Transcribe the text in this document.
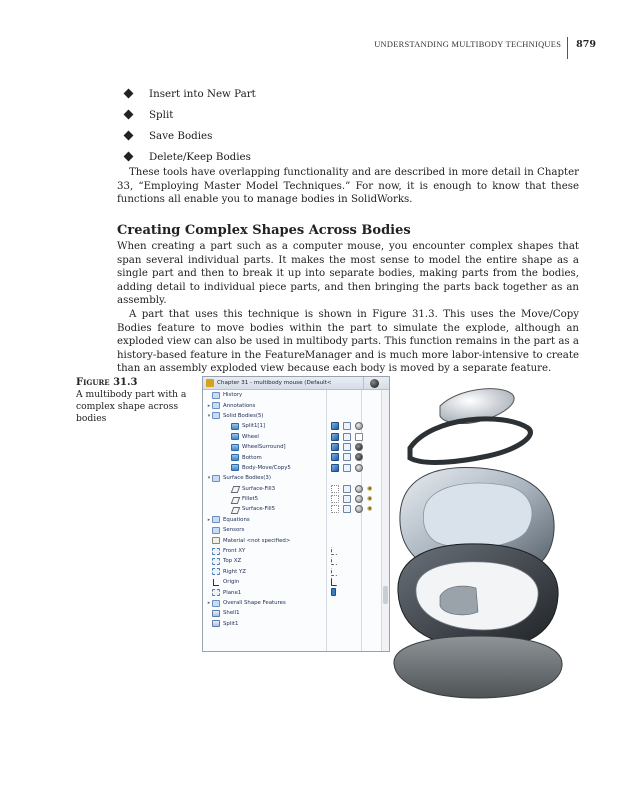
UNDERSTANDING MULTIBODY TECHNIQUES	879
Insert into New Part
Split
Save Bodies
Delete/Keep Bodies

These tools have overlapping functionality and are described in more detail in Chapter 33, “Employing Master Model Techniques.” For now, it is enough to know that these functions all enable you to manage bodies in SolidWorks.

Creating Complex Shapes Across Bodies

When creating a part such as a computer mouse, you encounter complex shapes that span several individual parts. It makes the most sense to model the entire shape as a single part and then to break it up into separate bodies, making parts from the bodies, adding detail to individual piece parts, and then bringing the parts back together as an assembly.

A part that uses this technique is shown in Figure 31.3. This uses the Move/Copy Bodies feature to move bodies within the part to simulate the explode, although an exploded view can also be used in multibody parts. This function remains in the part as a history-based feature in the FeatureManager and is much more labor-intensive to create than an assembly exploded view because each body is moved by a separate feature.

Figure 31.3
A multibody part with a complex shape across bodies
Chapter 31 - multibody mouse (Default<
History
▸	Annotations
▾	Solid Bodies(5)
Split1[1]
Wheel
WheelSurround]
Bottom
Body-Move/Copy5
▾	Surface Bodies(3)
Surface-Fill3	◉
Fillet5	◉
Surface-Fill5	◉
▸	Equations
Sensors
Material <not specified>
Front XY
Top XZ
Right YZ
Origin
Plane1
▸	Overall Shape Features
Shell1
Split1
